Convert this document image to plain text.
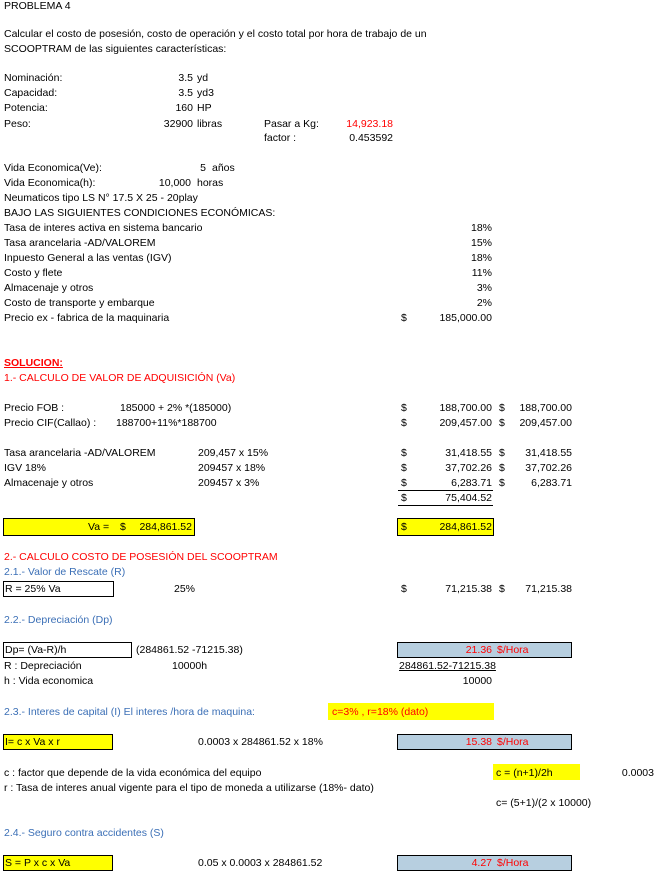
PROBLEMA 4
Calcular el costo de posesión, costo de operación y el costo total por hora de trabajo de un
SCOOPTRAM de las siguientes características:
Nominación:	3.5 yd
Capacidad:	3.5 yd3
Potencia:	160 HP
Peso:	32900 libras	Pasar a Kg:	14,923.18
factor :	0.453592
Vida Economica(Ve):	5 años
Vida Economica(h):	10,000 horas
Neumaticos tipo LS N° 17.5 X 25 - 20play
BAJO LAS SIGUIENTES CONDICIONES ECONÓMICAS:
Tasa de interes activa en sistema bancario	18%
Tasa arancelaria -AD/VALOREM	15%
Inpuesto General a las ventas (IGV)	18%
Costo y flete	11%
Almacenaje y otros	3%
Costo de transporte y embarque	2%
Precio ex - fabrica de la maquinaria	$	185,000.00
SOLUCION:
1.- CALCULO DE VALOR DE ADQUISICIÓN (Va)
Precio FOB :	185000 + 2% *(185000)	$	188,700.00 $	188,700.00
Precio CIF(Callao) : 188700+11%*188700	$	209,457.00 $	209,457.00
Tasa arancelaria -AD/VALOREM	209,457 x 15%	$	31,418.55 $	31,418.55
IGV 18%	209457 x 18%	$	37,702.26 $	37,702.26
Almacenaje y otros	209457 x 3%	$	6,283.71 $	6,283.71
$	75,404.52
Va = $	284,861.52	$	284,861.52
2.- CALCULO COSTO DE POSESIÓN DEL SCOOPTRAM
2.1.- Valor de Rescate (R)
R = 25% Va	25%	$	71,215.38 $	71,215.38
2.2.- Depreciación (Dp)
Dp= (Va-R)/h	(284861.52 -71215.38)	21.36 $/Hora
R : Depreciación	10000h	284861.52-71215.38
h : Vida economica	10000
2.3.- Interes de capital (I) El interes /hora de maquina:	c=3% , r=18% (dato)
I= c x Va x r	0.0003 x 284861.52 x 18%	15.38 $/Hora
c : factor que depende de la vida económica del equipo	c = (n+1)/2h	0.0003
r : Tasa de interes anual vigente para el tipo de moneda a utilizarse (18%- dato)
c= (5+1)/(2 x 10000)
2.4.- Seguro contra accidentes (S)
S = P x c x Va	0.05 x 0.0003 x 284861.52	4.27 $/Hora
